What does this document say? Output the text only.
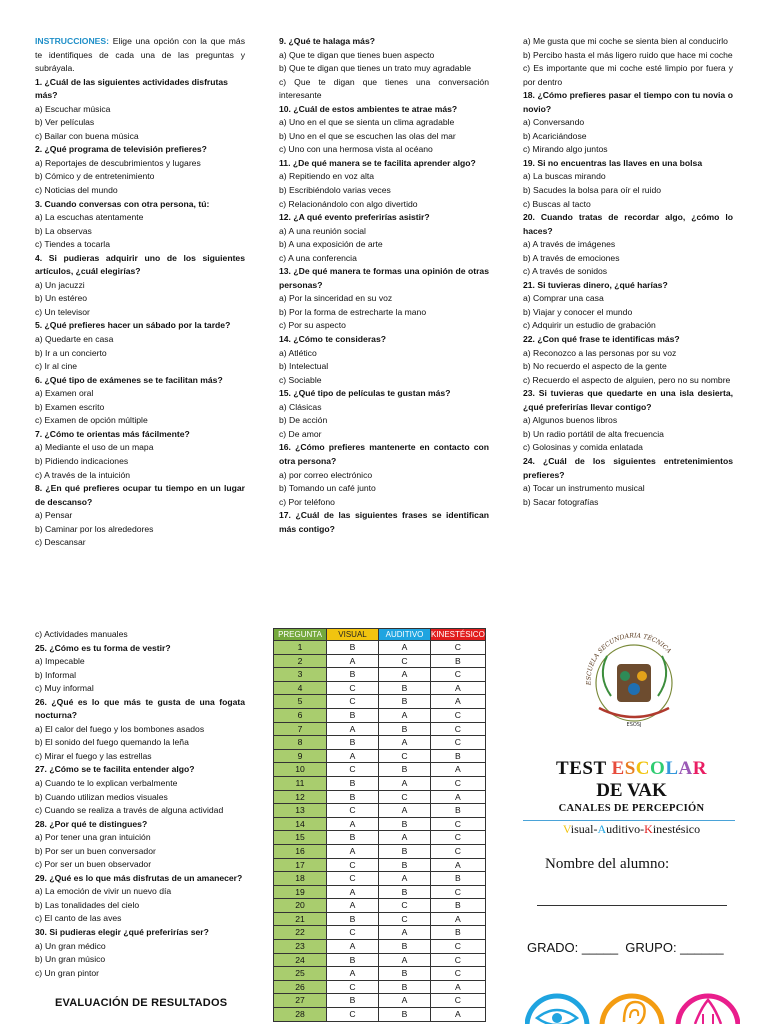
INSTRUCCIONES: Elige una opción con la que más te identifiques de cada una de las preguntas y subráyala.

1. ¿Cuál de las siguientes actividades disfrutas más?

a) Escuchar música

b) Ver películas

c) Bailar con buena música

2. ¿Qué programa de televisión prefieres?

a) Reportajes de descubrimientos y lugares

b) Cómico y de entretenimiento

c) Noticias del mundo

3. Cuando conversas con otra persona, tú:

a) La escuchas atentamente

b) La observas

c) Tiendes a tocarla

4. Si pudieras adquirir uno de los siguientes artículos, ¿cuál elegirías?

a) Un jacuzzi

b) Un estéreo

c) Un televisor

5. ¿Qué prefieres hacer un sábado por la tarde?

a) Quedarte en casa

b) Ir a un concierto

c) Ir al cine

6. ¿Qué tipo de exámenes se te facilitan más?

a) Examen oral

b) Examen escrito

c) Examen de opción múltiple

7. ¿Cómo te orientas más fácilmente?

a) Mediante el uso de un mapa

b) Pidiendo indicaciones

c) A través de la intuición

8. ¿En qué prefieres ocupar tu tiempo en un lugar de descanso?

a) Pensar

b) Caminar por los alrededores

c) Descansar

9. ¿Qué te halaga más?

a) Que te digan que tienes buen aspecto

b) Que te digan que tienes un trato muy agradable

c) Que te digan que tienes una conversación interesante

10. ¿Cuál de estos ambientes te atrae más?

a) Uno en el que se sienta un clima agradable

b) Uno en el que se escuchen las olas del mar

c) Uno con una hermosa vista al océano

11. ¿De qué manera se te facilita aprender algo?

a) Repitiendo en voz alta

b) Escribiéndolo varias veces

c) Relacionándolo con algo divertido

12. ¿A qué evento preferirías asistir?

a) A una reunión social

b) A una exposición de arte

c) A una conferencia

13. ¿De qué manera te formas una opinión de otras personas?

a) Por la sinceridad en su voz

b) Por la forma de estrecharte la mano

c) Por su aspecto

14. ¿Cómo te consideras?

a) Atlético

b) Intelectual

c) Sociable

15. ¿Qué tipo de películas te gustan más?

a) Clásicas

b) De acción

c) De amor

16. ¿Cómo prefieres mantenerte en contacto con otra persona?

a) por correo electrónico

b) Tomando un café junto

c) Por teléfono

17. ¿Cuál de las siguientes frases se identifican más contigo?

a) Me gusta que mi coche se sienta bien al conducirlo

b) Percibo hasta el más ligero ruido que hace mi coche

c) Es importante que mi coche esté limpio por fuera y por dentro

18. ¿Cómo prefieres pasar el tiempo con tu novia o novio?

a) Conversando

b) Acariciándose

c) Mirando algo juntos

19. Si no encuentras las llaves en una bolsa

a) La buscas mirando

b) Sacudes la bolsa para oír el ruido

c) Buscas al tacto

20. Cuando tratas de recordar algo, ¿cómo lo haces?

a) A través de imágenes

b) A través de emociones

c) A través de sonidos

21. Si tuvieras dinero, ¿qué harías?

a) Comprar una casa

b) Viajar y conocer el mundo

c) Adquirir un estudio de grabación

22. ¿Con qué frase te identificas más?

a) Reconozco a las personas por su voz

b) No recuerdo el aspecto de la gente

c) Recuerdo el aspecto de alguien, pero no su nombre

23. Si tuvieras que quedarte en una isla desierta, ¿qué preferirías llevar contigo?

a) Algunos buenos libros

b) Un radio portátil de alta frecuencia

c) Golosinas y comida enlatada

24. ¿Cuál de los siguientes entretenimientos prefieres?

a) Tocar un instrumento musical

b) Sacar fotografías

c) Actividades manuales

25. ¿Cómo es tu forma de vestir?

a) Impecable

b) Informal

c) Muy informal

26. ¿Qué es lo que más te gusta de una fogata nocturna?

a) El calor del fuego y los bombones asados

b) El sonido del fuego quemando la leña

c) Mirar el fuego y las estrellas

27. ¿Cómo se te facilita entender algo?

a) Cuando te lo explican verbalmente

b) Cuando utilizan medios visuales

c) Cuando se realiza a través de alguna actividad

28. ¿Por qué te distingues?

a) Por tener una gran intuición

b) Por ser un buen conversador

c) Por ser un buen observador

29. ¿Qué es lo que más disfrutas de un amanecer?

a) La emoción de vivir un nuevo día

b) Las tonalidades del cielo

c) El canto de las aves

30. Si pudieras elegir ¿qué preferirías ser?

a) Un gran médico

b) Un gran músico

c) Un gran pintor

EVALUACIÓN DE RESULTADOS
PREGUNTA	VISUAL	AUDITIVO	KINESTÉSICO
1	B	A	C
2	A	C	B
3	B	A	C
4	C	B	A
5	C	B	A
6	B	A	C
7	A	B	C
8	B	A	C
9	A	C	B
10	C	B	A
11	B	A	C
12	B	C	A
13	C	A	B
14	A	B	C
15	B	A	C
16	A	B	C
17	C	B	A
18	C	A	B
19	A	B	C
20	A	C	B
21	B	C	A
22	C	A	B
23	A	B	C
24	B	A	C
25	A	B	C
26	C	B	A
27	B	A	C
28	C	B	A
ESCUELA SECUNDARIA TÉCNICA
ESOSJ
TEST ESCOLAR
DE VAK
CANALES DE PERCEPCIÓN
Visual-Auditivo-Kinestésico
Nombre del alumno:
GRADO: _____  GRUPO: ______
